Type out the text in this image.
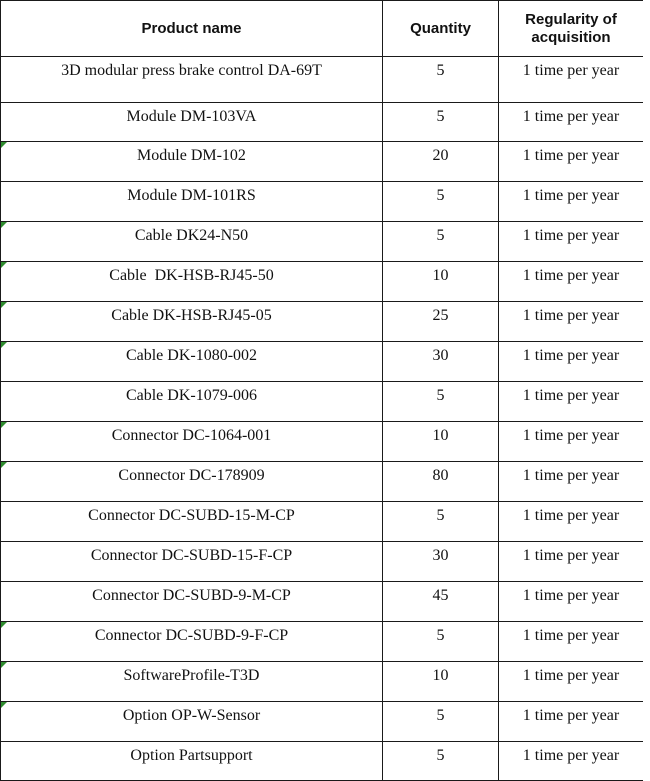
Product name	Quantity	Regularity of acquisition
3D modular press brake control DA-69T	5	1 time per year
Module DM-103VA	5	1 time per year

Module DM-102	20	1 time per year
Module DM-101RS	5	1 time per year

Cable DK24-N50	5	1 time per year

Cable  DK-HSB-RJ45-50	10	1 time per year

Cable DK-HSB-RJ45-05	25	1 time per year

Cable DK-1080-002	30	1 time per year
Cable DK-1079-006	5	1 time per year

Connector DC-1064-001	10	1 time per year

Connector DC-178909	80	1 time per year
Connector DC-SUBD-15-M-CP	5	1 time per year
Connector DC-SUBD-15-F-CP	30	1 time per year
Connector DC-SUBD-9-M-CP	45	1 time per year

Connector DC-SUBD-9-F-CP	5	1 time per year

SoftwareProfile-T3D	10	1 time per year

Option OP-W-Sensor	5	1 time per year
Option Partsupport	5	1 time per year
